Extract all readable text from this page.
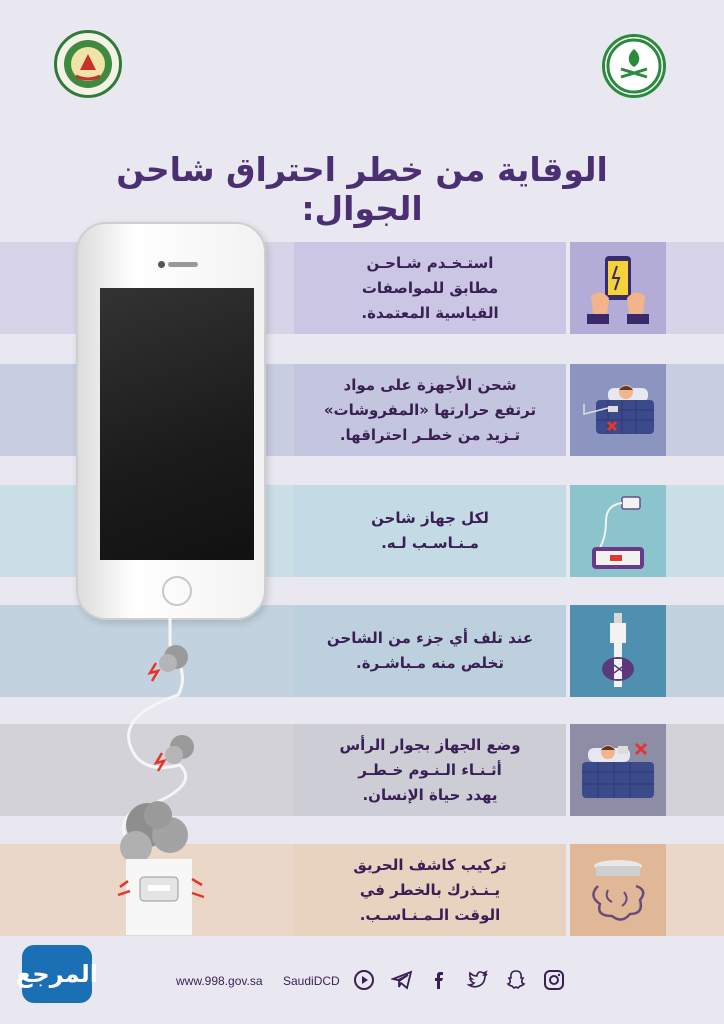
الوقاية من خطر احتراق شاحن الجوال:
استـخـدم شـاحـن
مطابق للمواصفات
القياسية المعتمدة.
شحن الأجهزة على مواد
ترتفع حرارتها «المفروشات»
تـزيد من خطـر احتراقها.
لكل جهاز شاحن
مـنـاسـب لـه.
عند تلف أي جزء من الشاحن
تخلص منه مـباشـرة.
وضع الجهاز بجوار الرأس
أثـنـاء الـنـوم خـطـر
يهدد حياة الإنسان.
تركيب كاشف الحريق
يـنـذرك بالخطر في
الوقت الـمـنـاسـب.
المرجع	www.998.gov.sa SaudiDCD
